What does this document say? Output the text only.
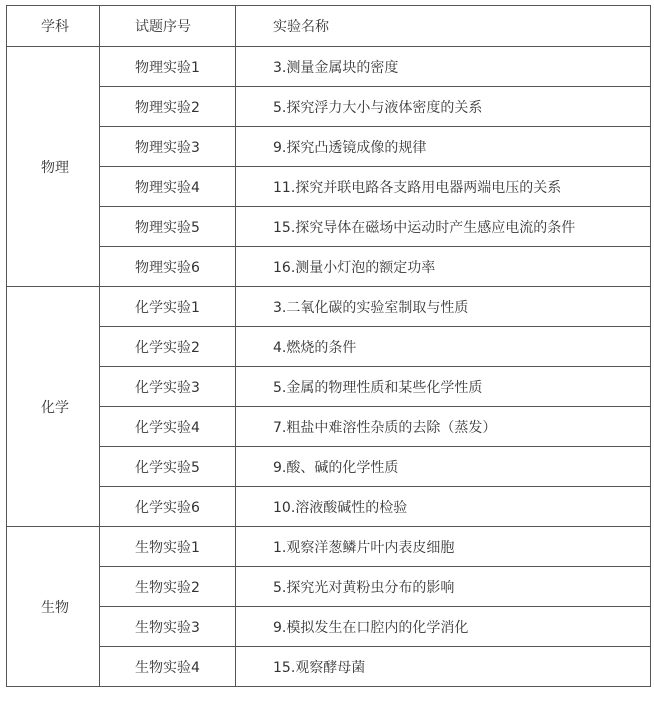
学科	试题序号	实验名称
物理	物理实验1	3.测量金属块的密度
	物理实验2	5.探究浮力大小与液体密度的关系
	物理实验3	9.探究凸透镜成像的规律
	物理实验4	11.探究并联电路各支路用电器两端电压的关系
	物理实验5	15.探究导体在磁场中运动时产生感应电流的条件
	物理实验6	16.测量小灯泡的额定功率
化学	化学实验1	3.二氧化碳的实验室制取与性质
	化学实验2	4.燃烧的条件
	化学实验3	5.金属的物理性质和某些化学性质
	化学实验4	7.粗盐中难溶性杂质的去除（蒸发）
	化学实验5	9.酸、碱的化学性质
	化学实验6	10.溶液酸碱性的检验
生物	生物实验1	1.观察洋葱鳞片叶内表皮细胞
	生物实验2	5.探究光对黄粉虫分布的影响
	生物实验3	9.模拟发生在口腔内的化学消化
	生物实验4	15.观察酵母菌
